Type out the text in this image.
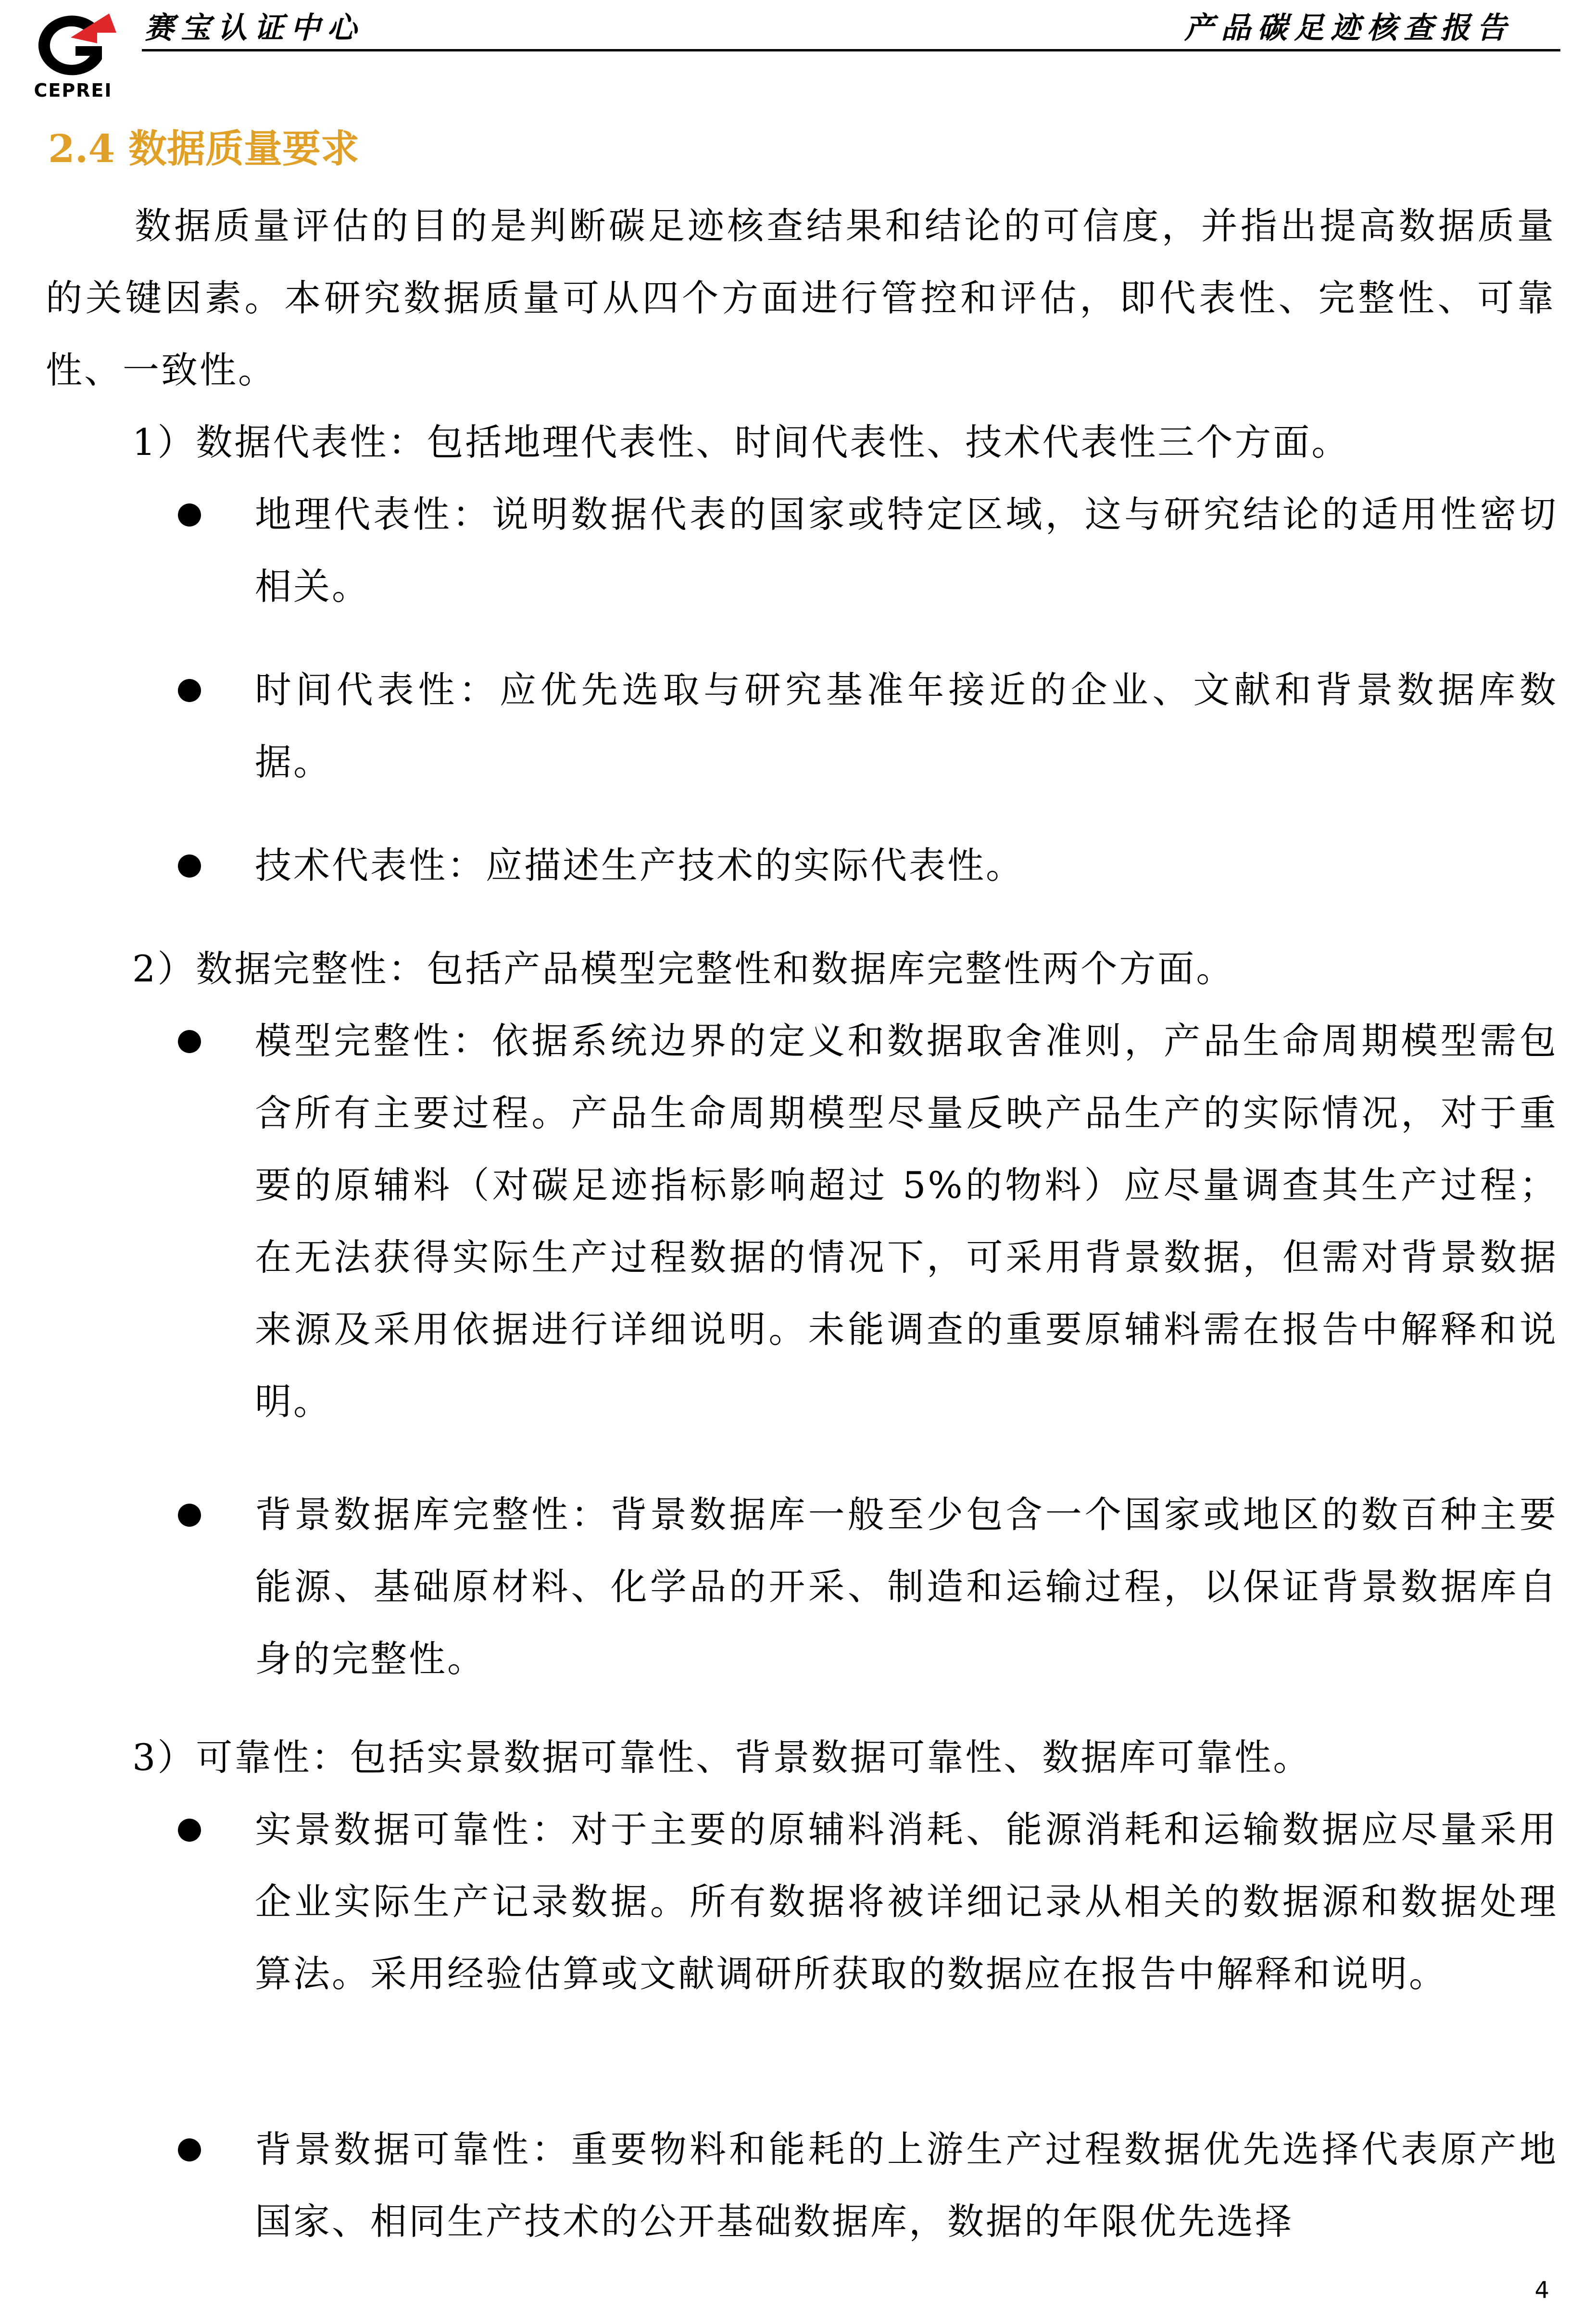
CEPREI
赛宝认证中心	产品碳足迹核查报告
2.4 数据质量要求
数据质量评估的目的是判断碳足迹核查结果和结论的可信度，并指出提高数据质量的关键因素。本研究数据质量可从四个方面进行管控和评估，即代表性、完整性、可靠性、一致性。
1）数据代表性：包括地理代表性、时间代表性、技术代表性三个方面。
地理代表性：说明数据代表的国家或特定区域，这与研究结论的适用性密切相关。
时间代表性：应优先选取与研究基准年接近的企业、文献和背景数据库数据。
技术代表性：应描述生产技术的实际代表性。
2）数据完整性：包括产品模型完整性和数据库完整性两个方面。
模型完整性：依据系统边界的定义和数据取舍准则，产品生命周期模型需包含所有主要过程。产品生命周期模型尽量反映产品生产的实际情况，对于重要的原辅料（对碳足迹指标影响超过 5%的物料）应尽量调查其生产过程；在无法获得实际生产过程数据的情况下，可采用背景数据，但需对背景数据来源及采用依据进行详细说明。未能调查的重要原辅料需在报告中解释和说明。
背景数据库完整性：背景数据库一般至少包含一个国家或地区的数百种主要能源、基础原材料、化学品的开采、制造和运输过程，以保证背景数据库自身的完整性。
3）可靠性：包括实景数据可靠性、背景数据可靠性、数据库可靠性。
实景数据可靠性：对于主要的原辅料消耗、能源消耗和运输数据应尽量采用企业实际生产记录数据。所有数据将被详细记录从相关的数据源和数据处理算法。采用经验估算或文献调研所获取的数据应在报告中解释和说明。
背景数据可靠性：重要物料和能耗的上游生产过程数据优先选择代表原产地国家、相同生产技术的公开基础数据库，数据的年限优先选择
4
